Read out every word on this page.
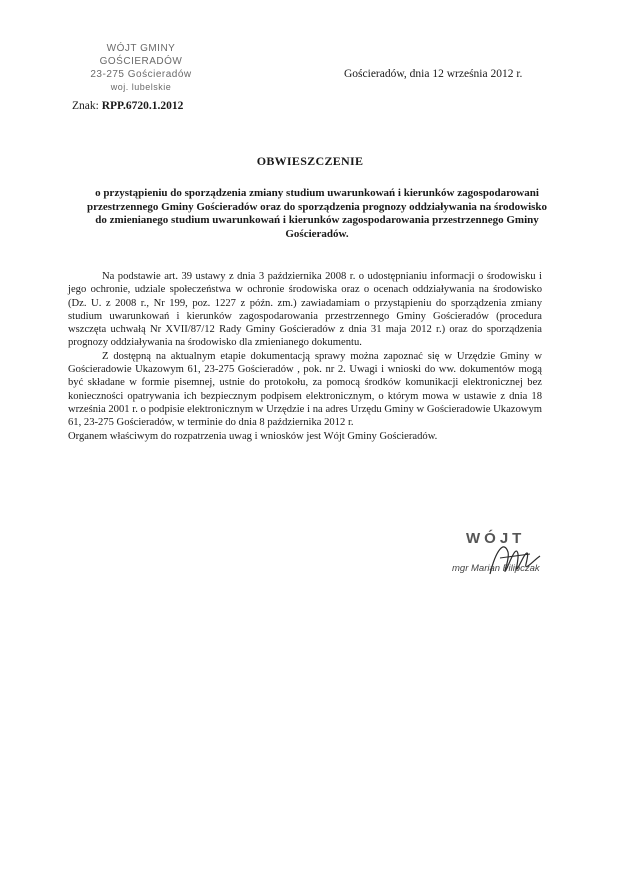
WÓJT GMINY GOŚCIERADÓW
23-275 Gościeradów
woj. lubelskie
Gościeradów, dnia 12 września 2012 r.
Znak: RPP.6720.1.2012
OBWIESZCZENIE
o przystąpieniu do sporządzenia zmiany studium uwarunkowań i kierunków zagospodarowani przestrzennego Gminy Gościeradów oraz do sporządzenia prognozy oddziaływania na środowisko do zmienianego studium uwarunkowań i kierunków zagospodarowania przestrzennego Gminy Gościeradów.

Na podstawie art. 39 ustawy z dnia 3 października 2008 r. o udostępnianiu informacji o środowisku i jego ochronie, udziale społeczeństwa w ochronie środowiska oraz o ocenach oddziaływania na środowisko (Dz. U. z 2008 r., Nr 199, poz. 1227 z późn. zm.) zawiadamiam o przystąpieniu do sporządzenia zmiany studium uwarunkowań i kierunków zagospodarowania przestrzennego Gminy Gościeradów (procedura wszczęta uchwałą Nr XVII/87/12 Rady Gminy Gościeradów z dnia 31 maja 2012 r.) oraz do sporządzenia prognozy oddziaływania na środowisko dla zmienianego dokumentu.

Z dostępną na aktualnym etapie dokumentacją sprawy można zapoznać się w Urzędzie Gminy w Gościeradowie Ukazowym 61, 23-275 Gościeradów , pok. nr 2. Uwagi i wnioski do ww. dokumentów mogą być składane w formie pisemnej, ustnie do protokołu, za pomocą środków komunikacji elektronicznej bez konieczności opatrywania ich bezpiecznym podpisem elektronicznym, o którym mowa w ustawie z dnia 18 września 2001 r. o podpisie elektronicznym w Urzędzie i na adres Urzędu Gminy w Gościeradowie Ukazowym 61, 23-275 Gościeradów, w terminie do dnia 8 października 2012 r.

Organem właściwym do rozpatrzenia uwag i wniosków jest Wójt Gminy Gościeradów.

WÓJT
mgr Marian Filipczak
